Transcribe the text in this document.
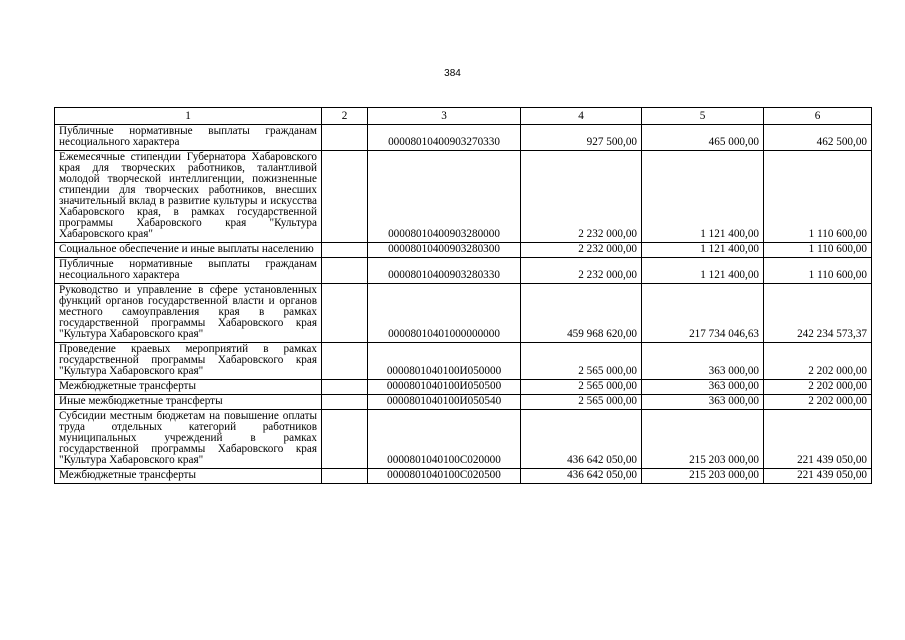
384
1	2	3	4	5	6
Публичные нормативные выплаты гражданам несоциального характера		00008010400903270330	927 500,00	465 000,00	462 500,00
Ежемесячные стипендии Губернатора Хабаровского края для творческих работников, талантливой молодой творческой интеллигенции, пожизненные стипендии для творческих работников, внесших значительный вклад в развитие культуры и искусства Хабаровского края, в рамках государственной программы Хабаровского края "Культура Хабаровского края"		00008010400903280000	2 232 000,00	1 121 400,00	1 110 600,00
Социальное обеспечение и иные выплаты населению		00008010400903280300	2 232 000,00	1 121 400,00	1 110 600,00
Публичные нормативные выплаты гражданам несоциального характера		00008010400903280330	2 232 000,00	1 121 400,00	1 110 600,00
Руководство и управление в сфере установленных функций органов государственной власти и органов местного самоуправления края в рамках государственной программы Хабаровского края "Культура Хабаровского края"		00008010401000000000	459 968 620,00	217 734 046,63	242 234 573,37
Проведение краевых мероприятий в рамках государственной программы Хабаровского края "Культура Хабаровского края"		0000801040100И050000	2 565 000,00	363 000,00	2 202 000,00
Межбюджетные трансферты		0000801040100И050500	2 565 000,00	363 000,00	2 202 000,00
Иные межбюджетные трансферты		0000801040100И050540	2 565 000,00	363 000,00	2 202 000,00
Субсидии местным бюджетам на повышение оплаты труда отдельных категорий работников муниципальных учреждений в рамках государственной программы Хабаровского края "Культура Хабаровского края"		0000801040100С020000	436 642 050,00	215 203 000,00	221 439 050,00
Межбюджетные трансферты		0000801040100С020500	436 642 050,00	215 203 000,00	221 439 050,00
